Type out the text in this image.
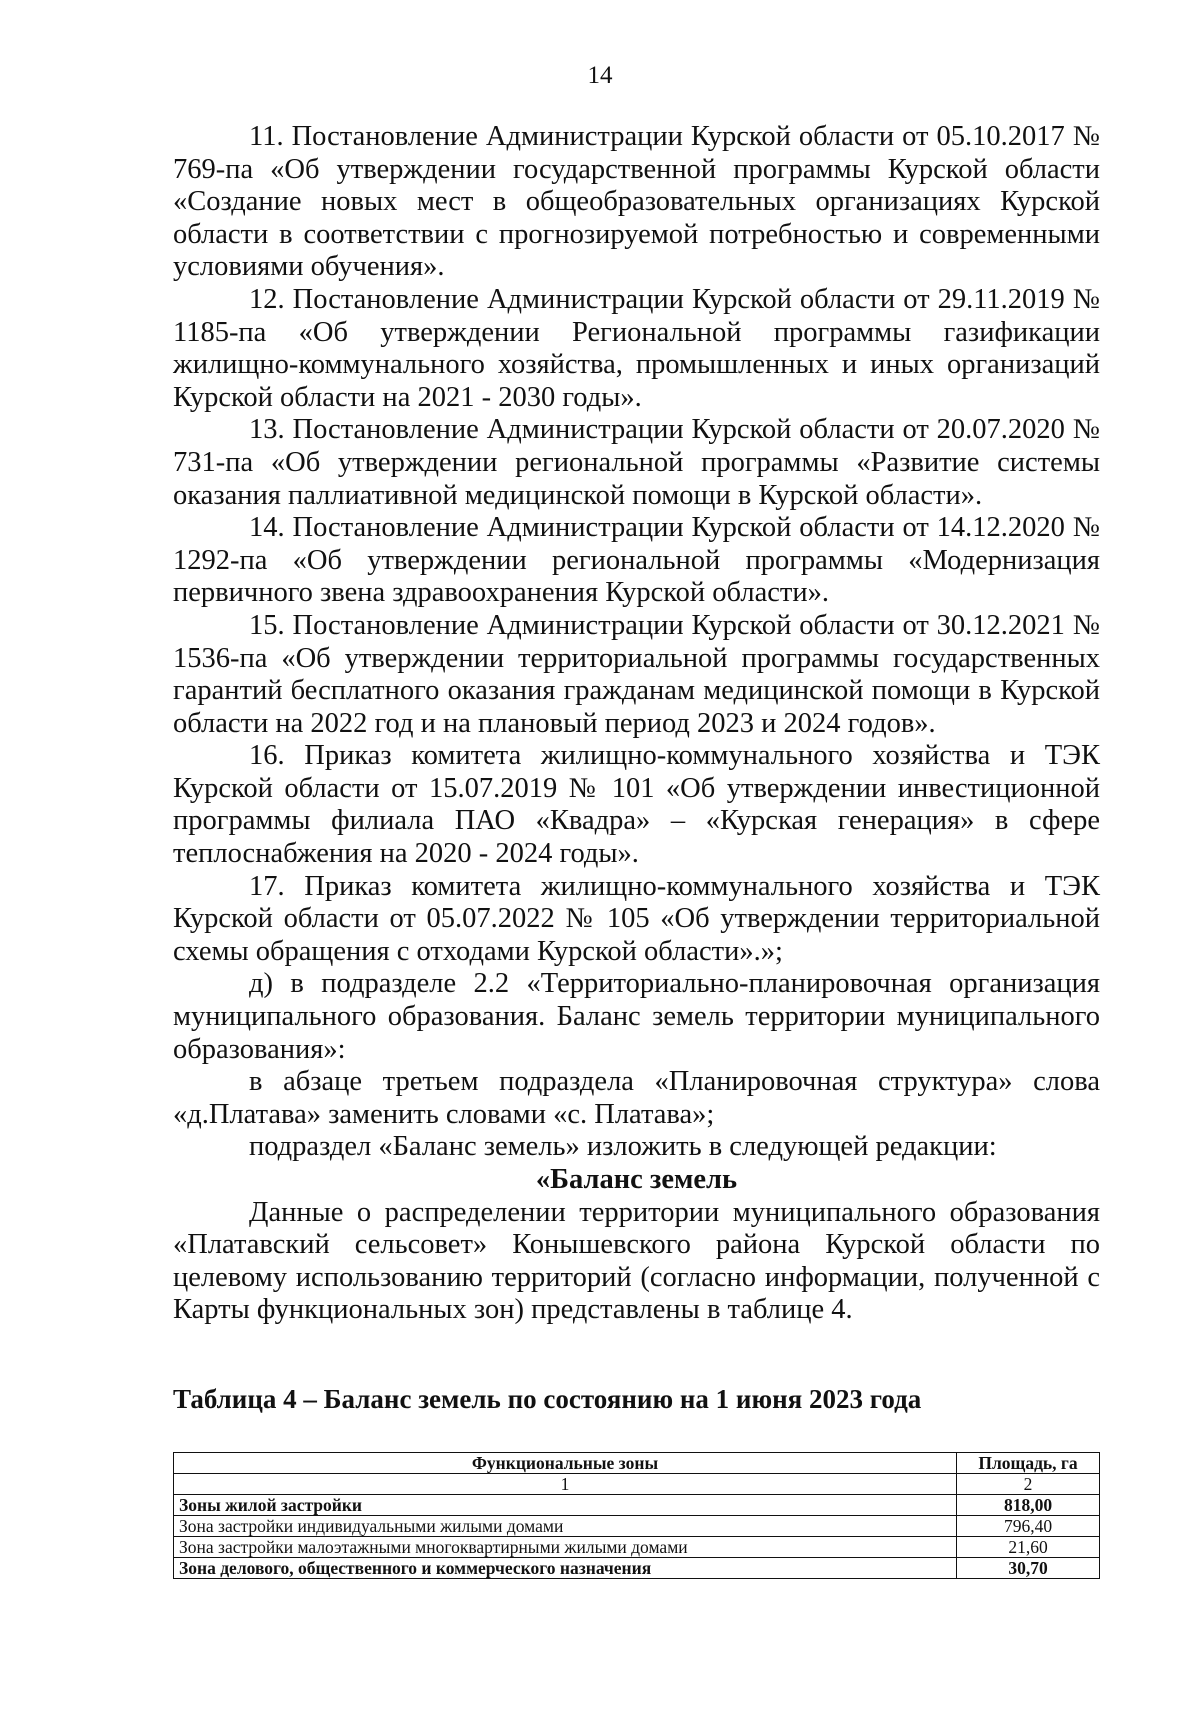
14

11. Постановление Администрации Курской области от 05.10.2017 № 769-па «Об утверждении государственной программы Курской области «Создание новых мест в общеобразовательных организациях Курской области в соответствии с прогнозируемой потребностью и современными условиями обучения».

12. Постановление Администрации Курской области от 29.11.2019 № 1185-па «Об утверждении Региональной программы газификации жилищно-коммунального хозяйства, промышленных и иных организаций Курской области на 2021 - 2030 годы».

13. Постановление Администрации Курской области от 20.07.2020 № 731-па «Об утверждении региональной программы «Развитие системы оказания паллиативной медицинской помощи в Курской области».

14. Постановление Администрации Курской области от 14.12.2020 № 1292-па «Об утверждении региональной программы «Модернизация первичного звена здравоохранения Курской области».

15. Постановление Администрации Курской области от 30.12.2021 № 1536-па «Об утверждении территориальной программы государственных гарантий бесплатного оказания гражданам медицинской помощи в Курской области на 2022 год и на плановый период 2023 и 2024 годов».

16. Приказ комитета жилищно-коммунального хозяйства и ТЭК Курской области от 15.07.2019 № 101 «Об утверждении инвестиционной программы филиала ПАО «Квадра» – «Курская генерация» в сфере теплоснабжения на 2020 - 2024 годы».

17. Приказ комитета жилищно-коммунального хозяйства и ТЭК Курской области от 05.07.2022 № 105 «Об утверждении территориальной схемы обращения с отходами Курской области».»;

д) в подразделе 2.2 «Территориально-планировочная организация муниципального образования. Баланс земель территории муниципального образования»:

в абзаце третьем подраздела «Планировочная структура» слова «д.Платава» заменить словами «с. Платава»;

подраздел «Баланс земель» изложить в следующей редакции:

«Баланс земель

Данные о распределении территории муниципального образования «Платавский сельсовет» Конышевского района Курской области по целевому использованию территорий (согласно информации, полученной с Карты функциональных зон) представлены в таблице 4.

Таблица 4 – Баланс земель по состоянию на 1 июня 2023 года
Функциональные зоны	Площадь, га
1	2
Зоны жилой застройки	818,00
Зона застройки индивидуальными жилыми домами	796,40
Зона застройки малоэтажными многоквартирными жилыми домами	21,60
Зона делового, общественного и коммерческого назначения	30,70
